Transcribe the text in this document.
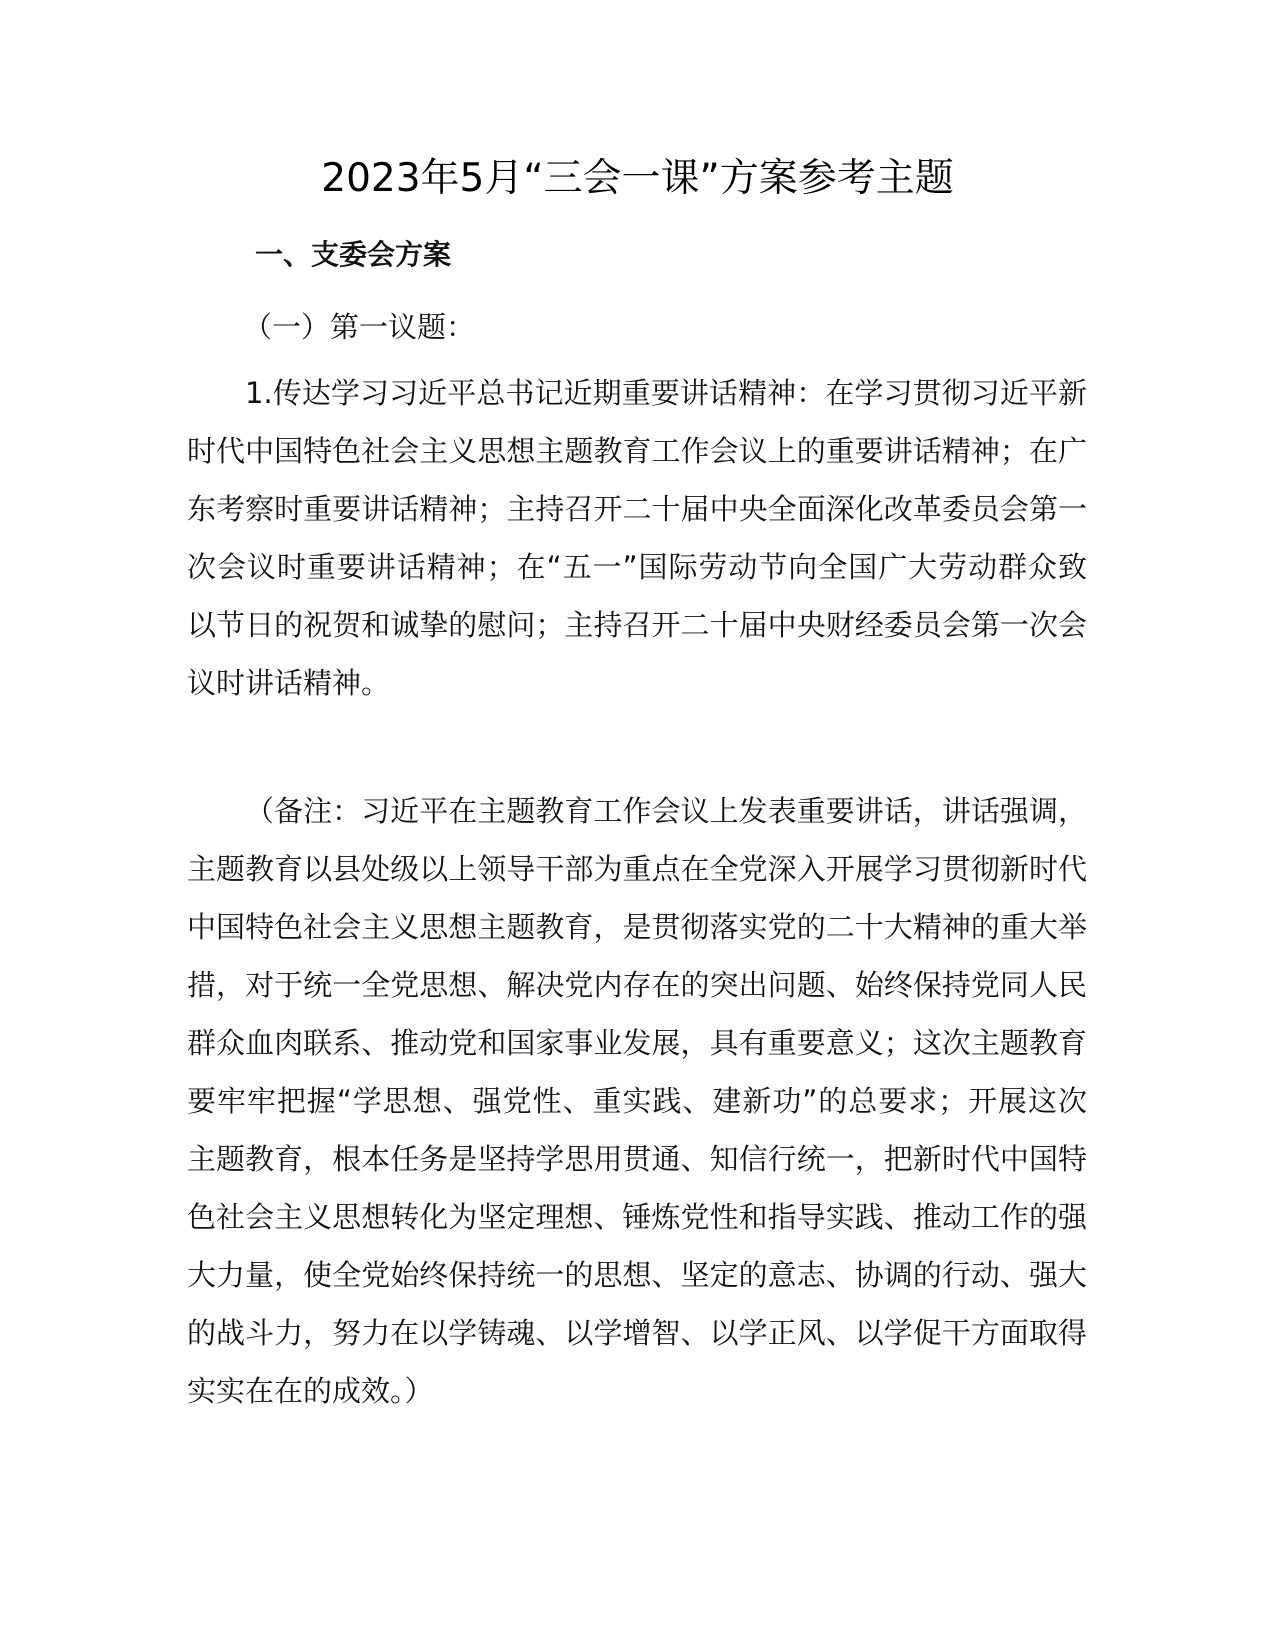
2023年5月“三会一课”方案参考主题

一、支委会方案

（一）第一议题：

1.传达学习习近平总书记近期重要讲话精神：在学习贯彻习近平新时代中国特色社会主义思想主题教育工作会议上的重要讲话精神；在广东考察时重要讲话精神；主持召开二十届中央全面深化改革委员会第一次会议时重要讲话精神；在“五一”国际劳动节向全国广大劳动群众致以节日的祝贺和诚挚的慰问；主持召开二十届中央财经委员会第一次会议时讲话精神。

（备注：习近平在主题教育工作会议上发表重要讲话，讲话强调，主题教育以县处级以上领导干部为重点在全党深入开展学习贯彻新时代中国特色社会主义思想主题教育，是贯彻落实党的二十大精神的重大举措，对于统一全党思想、解决党内存在的突出问题、始终保持党同人民群众血肉联系、推动党和国家事业发展，具有重要意义；这次主题教育要牢牢把握“学思想、强党性、重实践、建新功”的总要求；开展这次主题教育，根本任务是坚持学思用贯通、知信行统一，把新时代中国特色社会主义思想转化为坚定理想、锤炼党性和指导实践、推动工作的强大力量，使全党始终保持统一的思想、坚定的意志、协调的行动、强大的战斗力，努力在以学铸魂、以学增智、以学正风、以学促干方面取得实实在在的成效。）
